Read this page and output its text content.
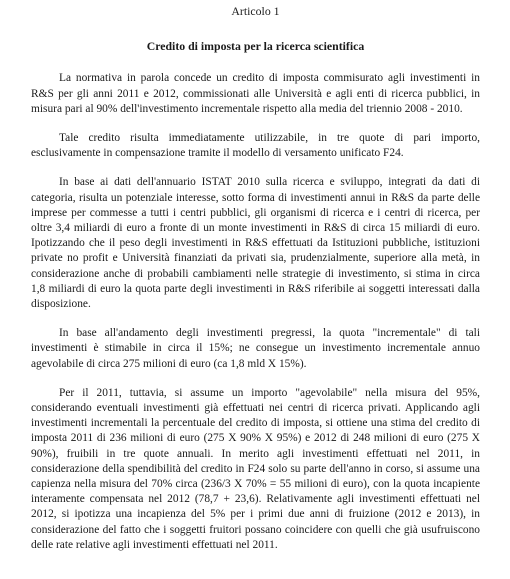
Articolo 1
Credito di imposta per la ricerca scientifica

La normativa in parola concede un credito di imposta commisurato agli investimenti in R&S per gli anni 2011 e 2012, commissionati alle Università e agli enti di ricerca pubblici, in misura pari al 90% dell'investimento incrementale rispetto alla media del triennio 2008 - 2010.

Tale credito risulta immediatamente utilizzabile, in tre quote di pari importo, esclusivamente in compensazione tramite il modello di versamento unificato F24.

In base ai dati dell'annuario ISTAT 2010 sulla ricerca e sviluppo, integrati da dati di categoria, risulta un potenziale interesse, sotto forma di investimenti annui in R&S da parte delle imprese per commesse a tutti i centri pubblici, gli organismi di ricerca e i centri di ricerca, per oltre 3,4 miliardi di euro a fronte di un monte investimenti in R&S di circa 15 miliardi di euro. Ipotizzando che il peso degli investimenti in R&S effettuati da Istituzioni pubbliche, istituzioni private no profit e Università finanziati da privati sia, prudenzialmente, superiore alla metà, in considerazione anche di probabili cambiamenti nelle strategie di investimento, si stima in circa 1,8 miliardi di euro la quota parte degli investimenti in R&S riferibile ai soggetti interessati dalla disposizione.

In base all'andamento degli investimenti pregressi, la quota "incrementale" di tali investimenti è stimabile in circa il 15%; ne consegue un investimento incrementale annuo agevolabile di circa 275 milioni di euro (ca 1,8 mld X 15%).

Per il 2011, tuttavia, si assume un importo "agevolabile" nella misura del 95%, considerando eventuali investimenti già effettuati nei centri di ricerca privati. Applicando agli investimenti incrementali la percentuale del credito di imposta, si ottiene una stima del credito di imposta 2011 di 236 milioni di euro (275 X 90% X 95%) e 2012 di 248 milioni di euro (275 X 90%), fruibili in tre quote annuali. In merito agli investimenti effettuati nel 2011, in considerazione della spendibilità del credito in F24 solo su parte dell'anno in corso, si assume una capienza nella misura del 70% circa (236/3 X 70% = 55 milioni di euro), con la quota incapiente interamente compensata nel 2012 (78,7 + 23,6). Relativamente agli investimenti effettuati nel 2012, si ipotizza una incapienza del 5% per i primi due anni di fruizione (2012 e 2013), in considerazione del fatto che i soggetti fruitori possano coincidere con quelli che già usufruiscono delle rate relative agli investimenti effettuati nel 2011.
